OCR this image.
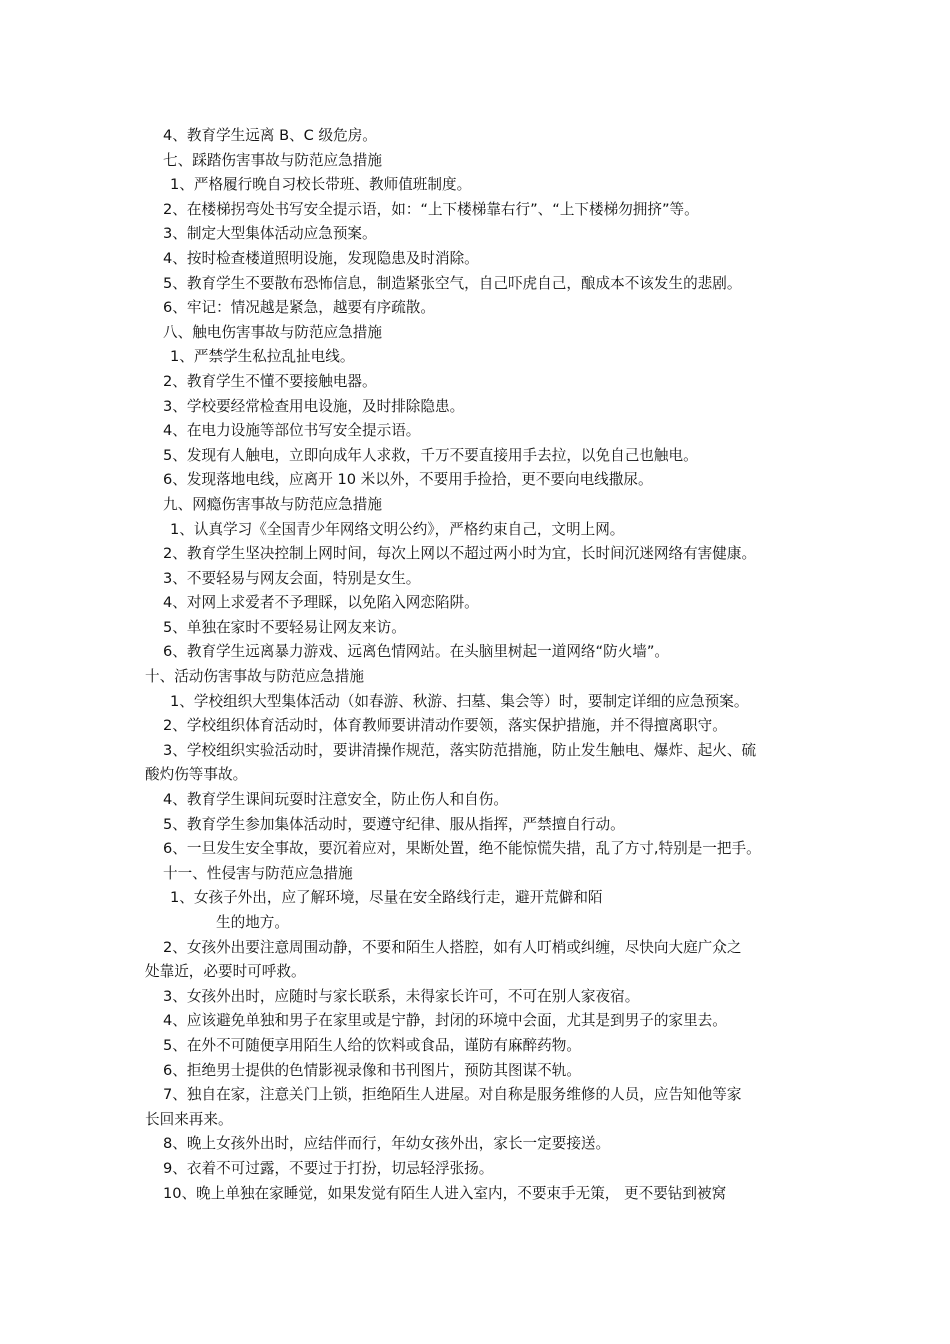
4、教育学生远离 B、C 级危房。
七、踩踏伤害事故与防范应急措施
1、严格履行晚自习校长带班、教师值班制度。
2、在楼梯拐弯处书写安全提示语，如：“上下楼梯靠右行”、“上下楼梯勿拥挤”等。
3、制定大型集体活动应急预案。
4、按时检查楼道照明设施，发现隐患及时消除。
5、教育学生不要散布恐怖信息，制造紧张空气，自己吓虎自己，酿成本不该发生的悲剧。
6、牢记：情况越是紧急，越要有序疏散。
八、触电伤害事故与防范应急措施
1、严禁学生私拉乱扯电线。
2、教育学生不懂不要接触电器。
3、学校要经常检查用电设施，及时排除隐患。
4、在电力设施等部位书写安全提示语。
5、发现有人触电，立即向成年人求救，千万不要直接用手去拉，以免自己也触电。
6、发现落地电线，应离开 10 米以外，不要用手捡拾，更不要向电线撒尿。
九、网瘾伤害事故与防范应急措施
1、认真学习《全国青少年网络文明公约》，严格约束自己，文明上网。
2、教育学生坚决控制上网时间，每次上网以不超过两小时为宜，长时间沉迷网络有害健康。
3、不要轻易与网友会面，特别是女生。
4、对网上求爱者不予理睬，以免陷入网恋陷阱。
5、单独在家时不要轻易让网友来访。
6、教育学生远离暴力游戏、远离色情网站。在头脑里树起一道网络“防火墙”。
十、活动伤害事故与防范应急措施
1、学校组织大型集体活动（如春游、秋游、扫墓、集会等）时，要制定详细的应急预案。
2、学校组织体育活动时，体育教师要讲清动作要领，落实保护措施，并不得擅离职守。
3、学校组织实验活动时，要讲清操作规范，落实防范措施，防止发生触电、爆炸、起火、硫
酸灼伤等事故。
4、教育学生课间玩耍时注意安全，防止伤人和自伤。
5、教育学生参加集体活动时，要遵守纪律、服从指挥，严禁擅自行动。
6、一旦发生安全事故，要沉着应对，果断处置，绝不能惊慌失措，乱了方寸,特别是一把手。
十一、性侵害与防范应急措施
1、女孩子外出，应了解环境，尽量在安全路线行走，避开荒僻和陌
生的地方。
2、女孩外出要注意周围动静，不要和陌生人搭腔，如有人叮梢或纠缠，尽快向大庭广众之
处靠近，必要时可呼救。
3、女孩外出时，应随时与家长联系，未得家长许可，不可在别人家夜宿。
4、应该避免单独和男子在家里或是宁静，封闭的环境中会面，尤其是到男子的家里去。
5、在外不可随便享用陌生人给的饮料或食品，谨防有麻醉药物。
6、拒绝男士提供的色情影视录像和书刊图片，预防其图谋不轨。
7、独自在家，注意关门上锁，拒绝陌生人进屋。对自称是服务维修的人员，应告知他等家
长回来再来。
8、晚上女孩外出时，应结伴而行，年幼女孩外出，家长一定要接送。
9、衣着不可过露，不要过于打扮，切忌轻浮张扬。
10、晚上单独在家睡觉，如果发觉有陌生人进入室内，不要束手无策， 更不要钻到被窝
